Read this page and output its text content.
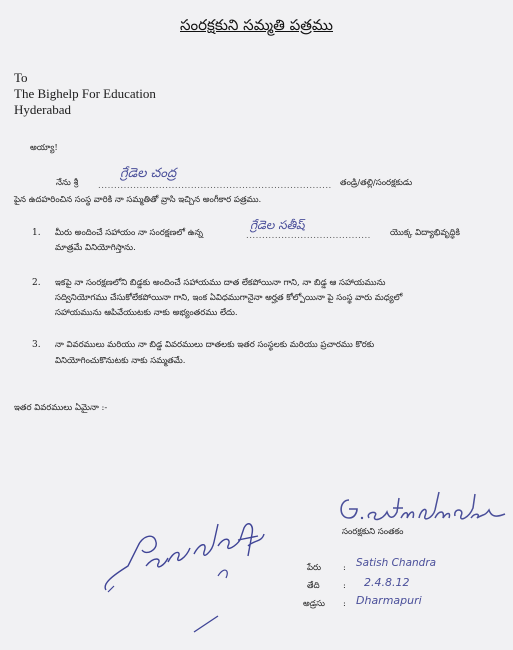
సంరక్షకుని సమ్మతి పత్రము
To
The Bighelp For Education
Hyderabad
అయ్యా!
నేను శ్రీ .........................................................................
గ్రేడెల చంద్ర
తండ్రి/తల్లి/సంరక్షకుడు
పైన ఉదహరించిన సంస్థ వారికి నా సమ్మతితో వ్రాసి ఇచ్చిన అంగీకార పత్రము.
1. మీరు అందించే సహాయం నా సంరక్షణలో ఉన్న	.......................................
గ్రేడెల సతీష్
యొక్క విద్యాభివృద్ధికి
మాత్రమే వినియోగిస్తాను.
2. ఇకపై నా సంరక్షణలోని బిడ్డకు అందించే సహాయము దాత లేకపోయినా గాని, నా బిడ్డ ఆ సహాయమును
సద్వినియోగము చేసుకోలేకపోయినా గాని, ఇంక ఏవిధముగానైనా అర్హత కోల్పోయినా పై సంస్థ వారు మధ్యలో
సహాయమును ఆపివేయుటకు నాకు అభ్యంతరము లేదు.
3. నా వివరములు మరియు నా బిడ్డ వివరములు దాతలకు ఇతర సంస్థలకు మరియు ప్రచారము కొరకు
వినియోగించుకొనుటకు నాకు సమ్మతమే.
ఇతర వివరములు ఏమైనా :-
సంరక్షకుని సంతకం
పేరు	: Satish Chandra
తేది	: 2.4.8.12
అడ్రసు : Dharmapuri
